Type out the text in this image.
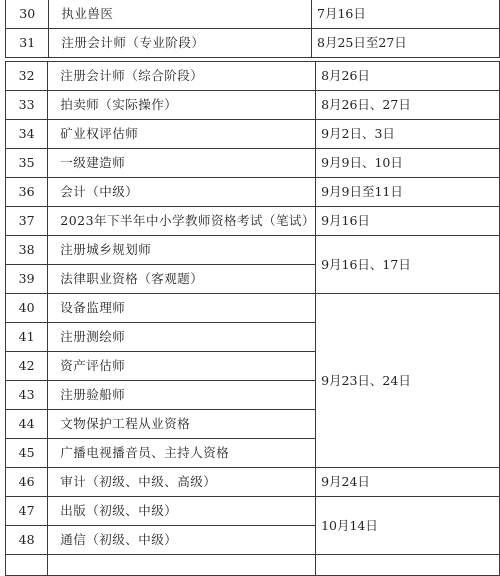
30	执业兽医	7月16日
31	注册会计师（专业阶段）	8月25日至27日
32	注册会计师（综合阶段）	8月26日
33	拍卖师（实际操作）	8月26日、27日
34	矿业权评估师	9月2日、3日
35	一级建造师	9月9日、10日
36	会计（中级）	9月9日至11日
37	2023年下半年中小学教师资格考试（笔试）	9月16日
38	注册城乡规划师	9月16日、17日
39	法律职业资格（客观题）	
40	设备监理师	9月23日、24日
41	注册测绘师	
42	资产评估师	
43	注册验船师	
44	文物保护工程从业资格	
45	广播电视播音员、主持人资格	
46	审计（初级、中级、高级）	9月24日
47	出版（初级、中级）	10月14日
48	通信（初级、中级）	
